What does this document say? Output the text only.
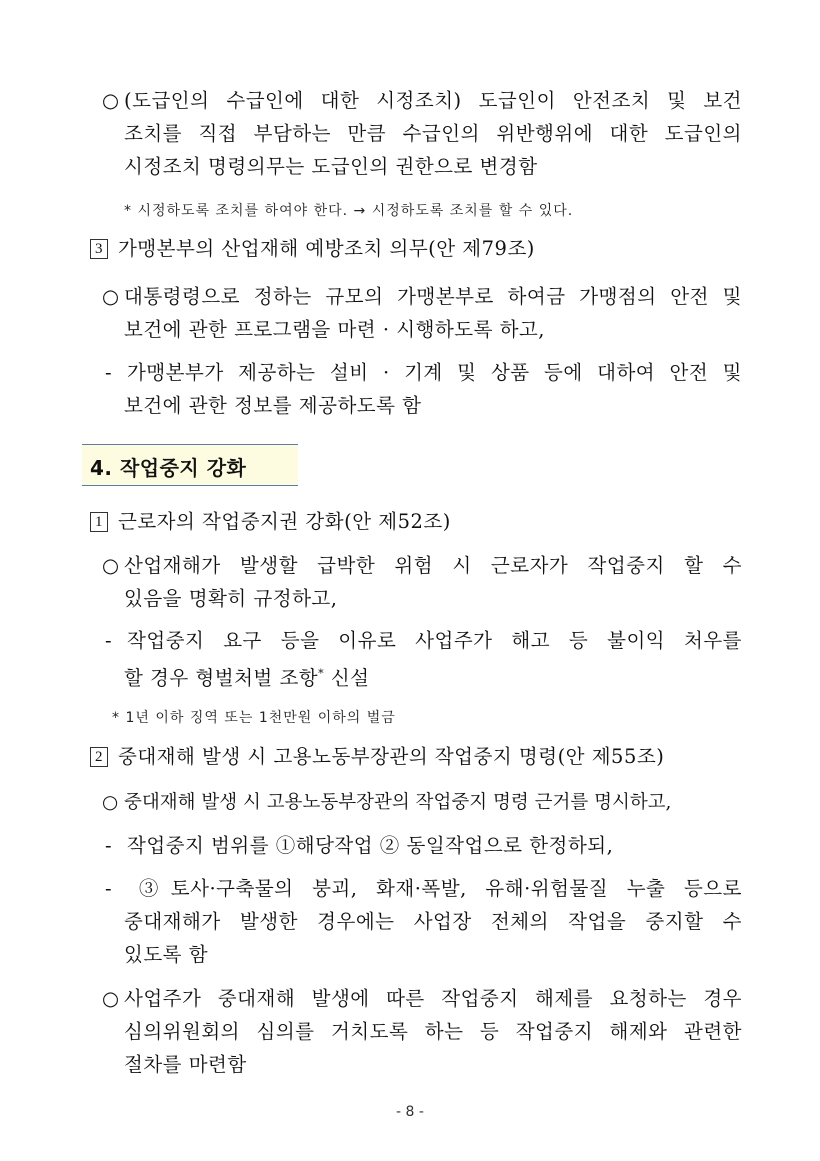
○ (도급인의 수급인에 대한 시정조치) 도급인이 안전조치 및 보건
조치를 직접 부담하는 만큼 수급인의 위반행위에 대한 도급인의
시정조치 명령의무는 도급인의 권한으로 변경함
* 시정하도록 조치를 하여야 한다. → 시정하도록 조치를 할 수 있다.
3 가맹본부의 산업재해 예방조치 의무(안 제79조)
○ 대통령령으로 정하는 규모의 가맹본부로 하여금 가맹점의 안전 및
보건에 관한 프로그램을 마련 · 시행하도록 하고,
- 가맹본부가 제공하는 설비 · 기계 및 상품 등에 대하여 안전 및
보건에 관한 정보를 제공하도록 함
4. 작업중지 강화
1 근로자의 작업중지권 강화(안 제52조)
○ 산업재해가 발생할 급박한 위험 시 근로자가 작업중지 할 수
있음을 명확히 규정하고,
- 작업중지 요구 등을 이유로 사업주가 해고 등 불이익 처우를
할 경우 형벌처벌 조항* 신설
* 1년 이하 징역 또는 1천만원 이하의 벌금
2 중대재해 발생 시 고용노동부장관의 작업중지 명령(안 제55조)
○ 중대재해 발생 시 고용노동부장관의 작업중지 명령 근거를 명시하고,
- 작업중지 범위를 ①해당작업 ② 동일작업으로 한정하되,
- ③토사·구축물의 붕괴, 화재·폭발, 유해·위험물질 누출 등으로
중대재해가 발생한 경우에는 사업장 전체의 작업을 중지할 수
있도록 함
○ 사업주가 중대재해 발생에 따른 작업중지 해제를 요청하는 경우
심의위원회의 심의를 거치도록 하는 등 작업중지 해제와 관련한
절차를 마련함
- 8 -
